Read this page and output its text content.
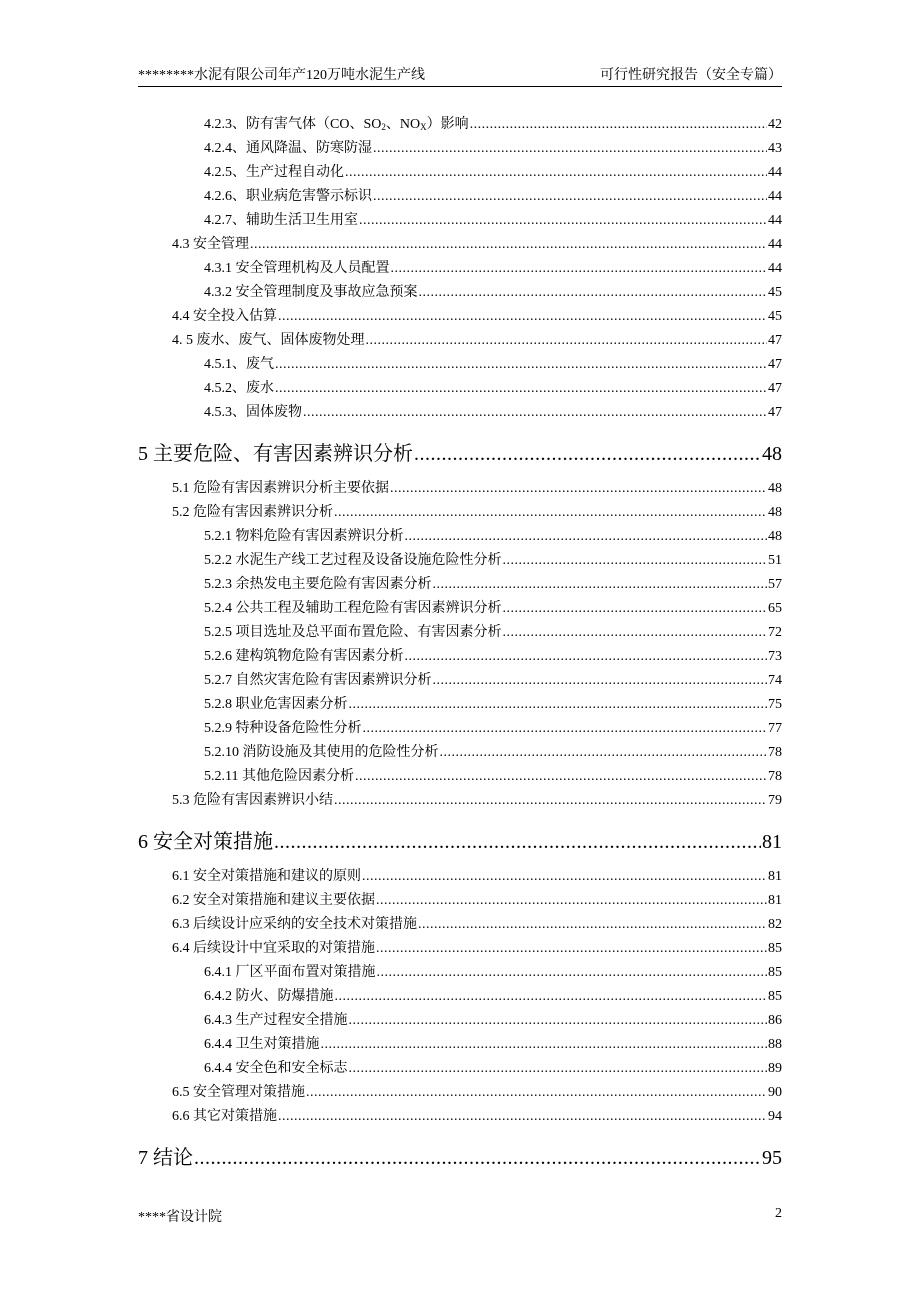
********水泥有限公司年产120万吨水泥生产线	可行性研究报告（安全专篇）
4.2.3、防有害气体（CO、$SO_2$、$NO_X$）影响 .....	42
4.2.4、通风降温、防寒防湿 .....	43
4.2.5、生产过程自动化 .....	44
4.2.6、职业病危害警示标识 .....	44
4.2.7、辅助生活卫生用室 .....	44
4.3 安全管理 .....	44
4.3.1 安全管理机构及人员配置 .....	44
4.3.2 安全管理制度及事故应急预案 .....	45
4.4 安全投入估算 .....	45
4. 5 废水、废气、固体废物处理 .....	47
4.5.1、废气 .....	47
4.5.2、废水 .....	47
4.5.3、固体废物 .....	47
5 主要危险、有害因素辨识分析 .....	48
5.1 危险有害因素辨识分析主要依据 .....	48
5.2 危险有害因素辨识分析 .....	48
5.2.1 物料危险有害因素辨识分析 .....	48
5.2.2 水泥生产线工艺过程及设备设施危险性分析 .....	51
5.2.3 余热发电主要危险有害因素分析 .....	57
5.2.4 公共工程及辅助工程危险有害因素辨识分析 .....	65
5.2.5 项目选址及总平面布置危险、有害因素分析 .....	72
5.2.6 建构筑物危险有害因素分析 .....	73
5.2.7 自然灾害危险有害因素辨识分析 .....	74
5.2.8 职业危害因素分析 .....	75
5.2.9 特种设备危险性分析 .....	77
5.2.10 消防设施及其使用的危险性分析 .....	78
5.2.11 其他危险因素分析 .....	78
5.3 危险有害因素辨识小结 .....	79
6 安全对策措施 .....	81
6.1 安全对策措施和建议的原则 .....	81
6.2 安全对策措施和建议主要依据 .....	81
6.3 后续设计应采纳的安全技术对策措施 .....	82
6.4 后续设计中宜采取的对策措施 .....	85
6.4.1 厂区平面布置对策措施 .....	85
6.4.2 防火、防爆措施 .....	85
6.4.3 生产过程安全措施 .....	86
6.4.4 卫生对策措施 .....	88
6.4.4 安全色和安全标志 .....	89
6.5 安全管理对策措施 .....	90
6.6 其它对策措施 .....	94
7 结论 .....	95
****省设计院	2
